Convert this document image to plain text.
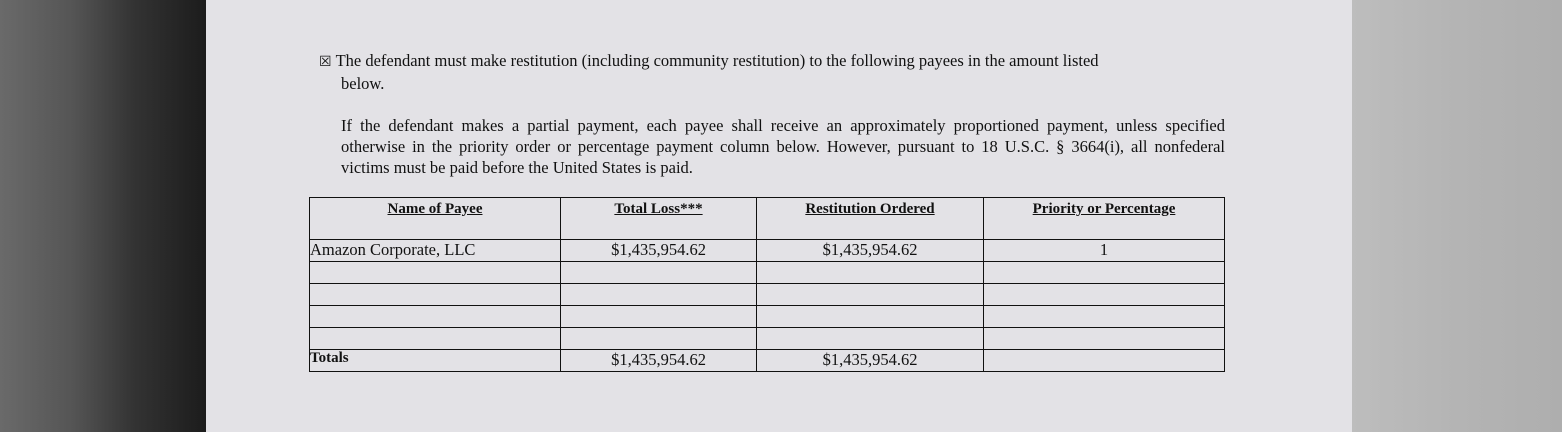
☒ The defendant must make restitution (including community restitution) to the following payees in the amount listed
below.
If the defendant makes a partial payment, each payee shall receive an approximately proportioned payment, unless specified otherwise in the priority order or percentage payment column below. However, pursuant to 18 U.S.C. § 3664(i), all nonfederal victims must be paid before the United States is paid.
Name of Payee	Total Loss***	Restitution Ordered	Priority or Percentage
Amazon Corporate, LLC	$1,435,954.62	$1,435,954.62	1

Totals	$1,435,954.62	$1,435,954.62	
